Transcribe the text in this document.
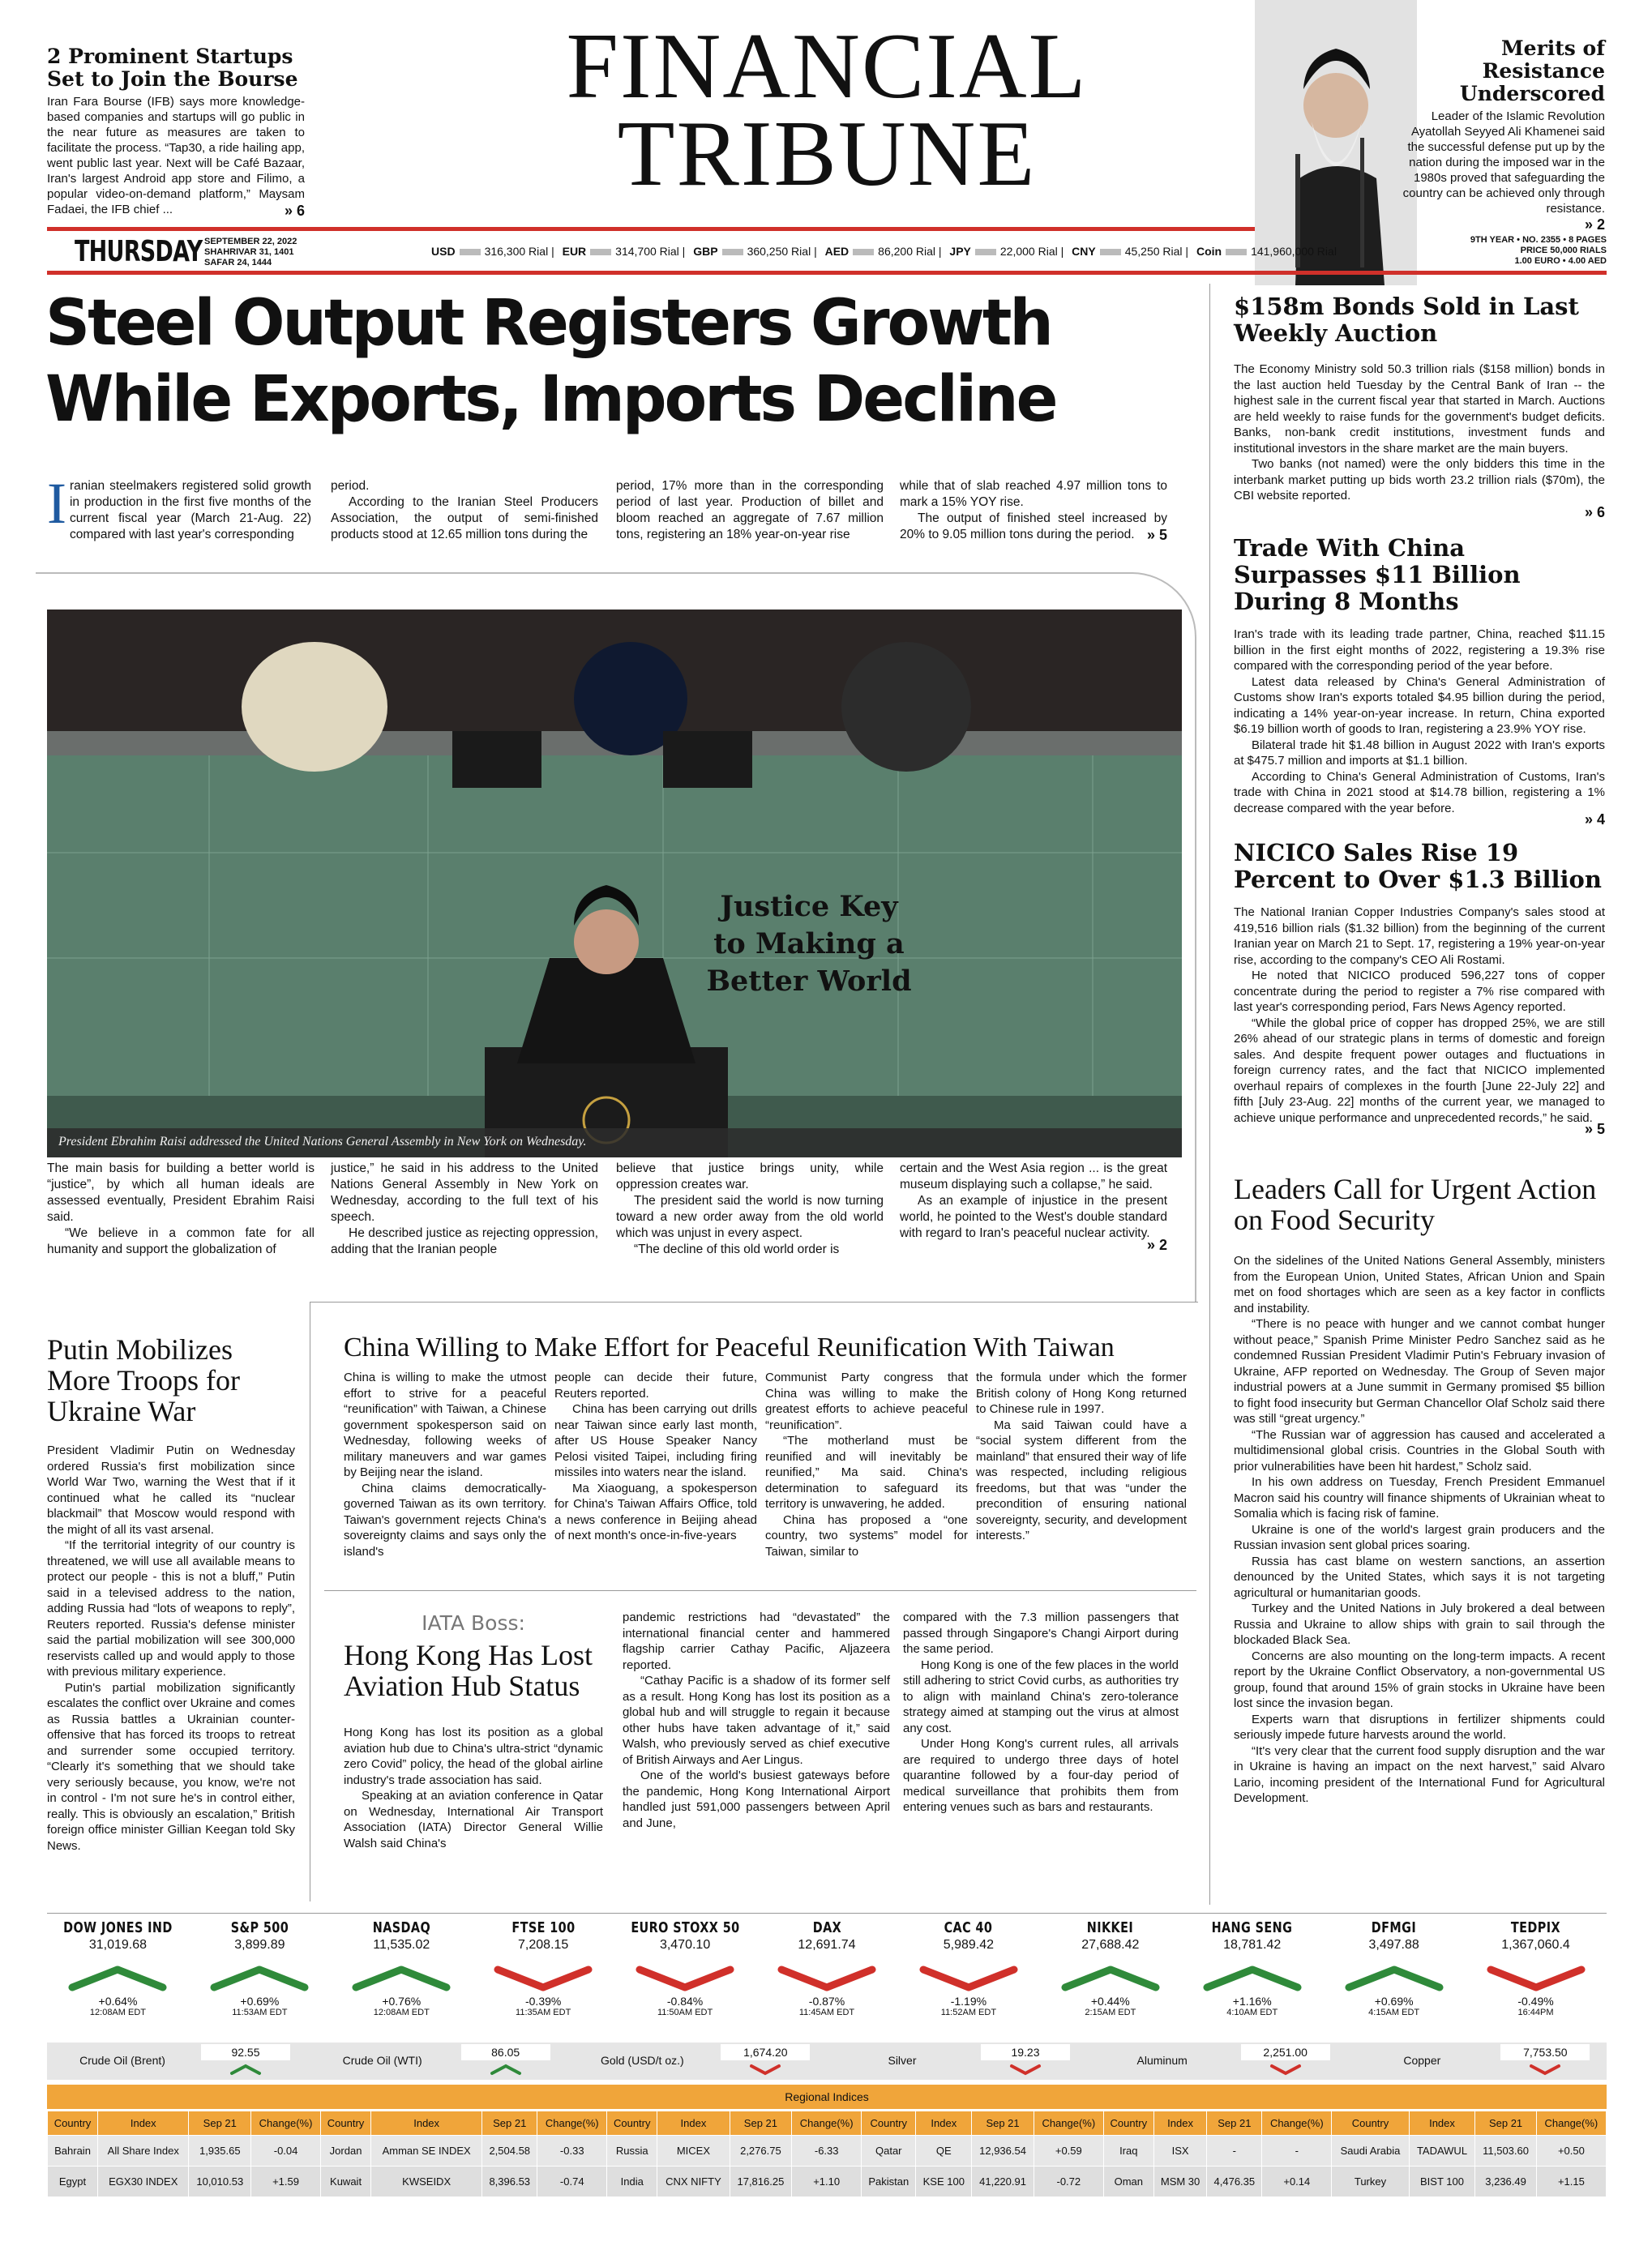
2 Prominent Startups Set to Join the Bourse
Iran Fara Bourse (IFB) says more knowledge-based companies and startups will go public in the near future as measures are taken to facilitate the process. “Tap30, a ride hailing app, went public last year. Next will be Café Bazaar, Iran's largest Android app store and Filimo, a popular video-on-demand platform,” Maysam Fadaei, the IFB chief ...	» 6
FINANCIAL
TRIBUNE
Merits of Resistance Underscored
Leader of the Islamic Revolution Ayatollah Seyyed Ali Khamenei said the successful defense put up by the nation during the imposed war in the 1980s proved that safeguarding the country can be achieved only through resistance.
» 2
THURSDAY SEPTEMBER 22, 2022
SHAHRIVAR 31, 1401
SAFAR 24, 1444
USD	316,300 Rial | EUR	314,700 Rial | GBP	360,250 Rial | AED	86,200 Rial | JPY	22,000 Rial | CNY	45,250 Rial | Coin	141,960,000 Rial
9TH YEAR • NO. 2355 • 8 PAGES
PRICE 50,000 RIALS
1.00 EURO • 4.00 AED
Steel Output Registers Growth
While Exports, Imports Decline
I ranian steelmakers registered solid growth in production in the first five months of the current fiscal year (March 21-Aug. 22) compared with last year's corresponding

period.

According to the Iranian Steel Producers Association, the output of semi-finished products stood at 12.65 million tons during the

period, 17% more than in the corresponding period of last year. Production of billet and bloom reached an aggregate of 7.67 million tons, registering an 18% year-on-year rise

while that of slab reached 4.97 million tons to mark a 15% YOY rise.

The output of finished steel increased by 20% to 9.05 million tons during the period. » 5
Justice Key to Making a Better World
President Ebrahim Raisi addressed the United Nations General Assembly in New York on Wednesday.

The main basis for building a better world is “justice”, by which all human ideals are assessed eventually, President Ebrahim Raisi said.

“We believe in a common fate for all humanity and support the globalization of

justice,” he said in his address to the United Nations General Assembly in New York on Wednesday, according to the full text of his speech.

He described justice as rejecting oppression, adding that the Iranian people

believe that justice brings unity, while oppression creates war.

The president said the world is now turning toward a new order away from the old world which was unjust in every aspect.

“The decline of this old world order is

certain and the West Asia region ... is the great museum displaying such a collapse,” he said.

As an example of injustice in the present world, he pointed to the West's double standard with regard to Iran's peaceful nuclear activity.

» 2
$158m Bonds Sold in Last Weekly Auction

The Economy Ministry sold 50.3 trillion rials ($158 million) bonds in the last auction held Tuesday by the Central Bank of Iran -- the highest sale in the current fiscal year that started in March. Auctions are held weekly to raise funds for the government's budget deficits. Banks, non-bank credit institutions, investment funds and institutional investors in the share market are the main buyers.

Two banks (not named) were the only bidders this time in the interbank market putting up bids worth 23.2 trillion rials ($70m), the CBI website reported.

» 6
Trade With China Surpasses $11 Billion During 8 Months

Iran's trade with its leading trade partner, China, reached $11.15 billion in the first eight months of 2022, registering a 19.3% rise compared with the corresponding period of the year before.

Latest data released by China's General Administration of Customs show Iran's exports totaled $4.95 billion during the period, indicating a 14% year-on-year increase. In return, China exported $6.19 billion worth of goods to Iran, registering a 23.9% YOY rise.

Bilateral trade hit $1.48 billion in August 2022 with Iran's exports at $475.7 million and imports at $1.1 billion.

According to China's General Administration of Customs, Iran's trade with China in 2021 stood at $14.78 billion, registering a 1% decrease compared with the year before.

» 4
NICICO Sales Rise 19 Percent to Over $1.3 Billion

The National Iranian Copper Industries Company's sales stood at 419,516 billion rials ($1.32 billion) from the beginning of the current Iranian year on March 21 to Sept. 17, registering a 19% year-on-year rise, according to the company's CEO Ali Rostami.

He noted that NICICO produced 596,227 tons of copper concentrate during the period to register a 7% rise compared with last year's corresponding period, Fars News Agency reported.

“While the global price of copper has dropped 25%, we are still 26% ahead of our strategic plans in terms of domestic and foreign sales. And despite frequent power outages and fluctuations in foreign currency rates, and the fact that NICICO implemented overhaul repairs of complexes in the fourth [June 22-July 22] and fifth [July 23-Aug. 22] months of the current year, we managed to achieve unique performance and unprecedented records,” he said.

» 5
Leaders Call for Urgent Action on Food Security

On the sidelines of the United Nations General Assembly, ministers from the European Union, United States, African Union and Spain met on food shortages which are seen as a key factor in conflicts and instability.

“There is no peace with hunger and we cannot combat hunger without peace,” Spanish Prime Minister Pedro Sanchez said as he condemned Russian President Vladimir Putin's February invasion of Ukraine, AFP reported on Wednesday. The Group of Seven major industrial powers at a June summit in Germany promised $5 billion to fight food insecurity but German Chancellor Olaf Scholz said there was still “great urgency.”

“The Russian war of aggression has caused and accelerated a multidimensional global crisis. Countries in the Global South with prior vulnerabilities have been hit hardest,” Scholz said.

In his own address on Tuesday, French President Emmanuel Macron said his country will finance shipments of Ukrainian wheat to Somalia which is facing risk of famine.

Ukraine is one of the world's largest grain producers and the Russian invasion sent global prices soaring.

Russia has cast blame on western sanctions, an assertion denounced by the United States, which says it is not targeting agricultural or humanitarian goods.

Turkey and the United Nations in July brokered a deal between Russia and Ukraine to allow ships with grain to sail through the blockaded Black Sea.

Concerns are also mounting on the long-term impacts. A recent report by the Ukraine Conflict Observatory, a non-governmental US group, found that around 15% of grain stocks in Ukraine have been lost since the invasion began.

Experts warn that disruptions in fertilizer shipments could seriously impede future harvests around the world.

“It's very clear that the current food supply disruption and the war in Ukraine is having an impact on the next harvest,” said Alvaro Lario, incoming president of the International Fund for Agricultural Development.

Putin Mobilizes More Troops for Ukraine War

President Vladimir Putin on Wednesday ordered Russia's first mobilization since World War Two, warning the West that if it continued what he called its “nuclear blackmail” that Moscow would respond with the might of all its vast arsenal.

“If the territorial integrity of our country is threatened, we will use all available means to protect our people - this is not a bluff,” Putin said in a televised address to the nation, adding Russia had “lots of weapons to reply”, Reuters reported. Russia's defense minister said the partial mobilization will see 300,000 reservists called up and would apply to those with previous military experience.

Putin's partial mobilization significantly escalates the conflict over Ukraine and comes as Russia battles a Ukrainian counter-offensive that has forced its troops to retreat and surrender some occupied territory. “Clearly it's something that we should take very seriously because, you know, we're not in control - I'm not sure he's in control either, really. This is obviously an escalation,” British foreign office minister Gillian Keegan told Sky News.

China Willing to Make Effort for Peaceful Reunification With Taiwan

China is willing to make the utmost effort to strive for a peaceful “reunification” with Taiwan, a Chinese government spokesperson said on Wednesday, following weeks of military maneuvers and war games by Beijing near the island.

China claims democratically-governed Taiwan as its own territory. Taiwan's government rejects China's sovereignty claims and says only the island's

people can decide their future, Reuters reported.

China has been carrying out drills near Taiwan since early last month, after US House Speaker Nancy Pelosi visited Taipei, including firing missiles into waters near the island.

Ma Xiaoguang, a spokesperson for China's Taiwan Affairs Office, told a news conference in Beijing ahead of next month's once-in-five-years

Communist Party congress that China was willing to make the greatest efforts to achieve peaceful “reunification”.

“The motherland must be reunified and will inevitably be reunified,” Ma said. China's determination to safeguard its territory is unwavering, he added.

China has proposed a “one country, two systems” model for Taiwan, similar to

the formula under which the former British colony of Hong Kong returned to Chinese rule in 1997.

Ma said Taiwan could have a “social system different from the mainland” that ensured their way of life was respected, including religious freedoms, but that was “under the precondition of ensuring national sovereignty, security, and development interests.”

IATA Boss:
Hong Kong Has Lost Aviation Hub Status

Hong Kong has lost its position as a global aviation hub due to China's ultra-strict “dynamic zero Covid” policy, the head of the global airline industry's trade association has said.

Speaking at an aviation conference in Qatar on Wednesday, International Air Transport Association (IATA) Director General Willie Walsh said China's

pandemic restrictions had “devastated” the international financial center and hammered flagship carrier Cathay Pacific, Aljazeera reported.

“Cathay Pacific is a shadow of its former self as a result. Hong Kong has lost its position as a global hub and will struggle to regain it because other hubs have taken advantage of it,” said Walsh, who previously served as chief executive of British Airways and Aer Lingus.

One of the world's busiest gateways before the pandemic, Hong Kong International Airport handled just 591,000 passengers between April and June,

compared with the 7.3 million passengers that passed through Singapore's Changi Airport during the same period.

Hong Kong is one of the few places in the world still adhering to strict Covid curbs, as authorities try to align with mainland China's zero-tolerance strategy aimed at stamping out the virus at almost any cost.

Under Hong Kong's current rules, all arrivals are required to undergo three days of hotel quarantine followed by a four-day period of medical surveillance that prohibits them from entering venues such as bars and restaurants.

DOW JONES IND
31,019.68
+0.64%
12:08AM EDT
S&P 500
3,899.89
+0.69%
11:53AM EDT
NASDAQ
11,535.02
+0.76%
12:08AM EDT
FTSE 100
7,208.15
-0.39%
11:35AM EDT
EURO STOXX 50
3,470.10
-0.84%
11:50AM EDT
DAX
12,691.74
-0.87%
11:45AM EDT
CAC 40
5,989.42
-1.19%
11:52AM EDT
NIKKEI
27,688.42
+0.44%
2:15AM EDT
HANG SENG
18,781.42
+1.16%
4:10AM EDT
DFMGI
3,497.88
+0.69%
4:15AM EDT
TEDPIX
1,367,060.4
-0.49%
16:44PM
Crude Oil (Brent)
92.55
Crude Oil (WTI)
86.05
Gold (USD/t oz.)
1,674.20
Silver
19.23
Aluminum
2,251.00
Copper
7,753.50
Regional Indices
Country	Index	Sep 21	Change(%)	Country	Index	Sep 21	Change(%)	Country	Index	Sep 21	Change(%)	Country	Index	Sep 21	Change(%)	Country	Index	Sep 21	Change(%)	Country	Index	Sep 21	Change(%)
Bahrain	All Share Index	1,935.65	-0.04	Jordan	Amman SE INDEX	2,504.58	-0.33	Russia	MICEX	2,276.75	-6.33	Qatar	QE	12,936.54	+0.59	Iraq	ISX	-	-	Saudi Arabia	TADAWUL	11,503.60	+0.50
Egypt	EGX30 INDEX	10,010.53	+1.59	Kuwait	KWSEIDX	8,396.53	-0.74	India	CNX NIFTY	17,816.25	+1.10	Pakistan	KSE 100	41,220.91	-0.72	Oman	MSM 30	4,476.35	+0.14	Turkey	BIST 100	3,236.49	+1.15
